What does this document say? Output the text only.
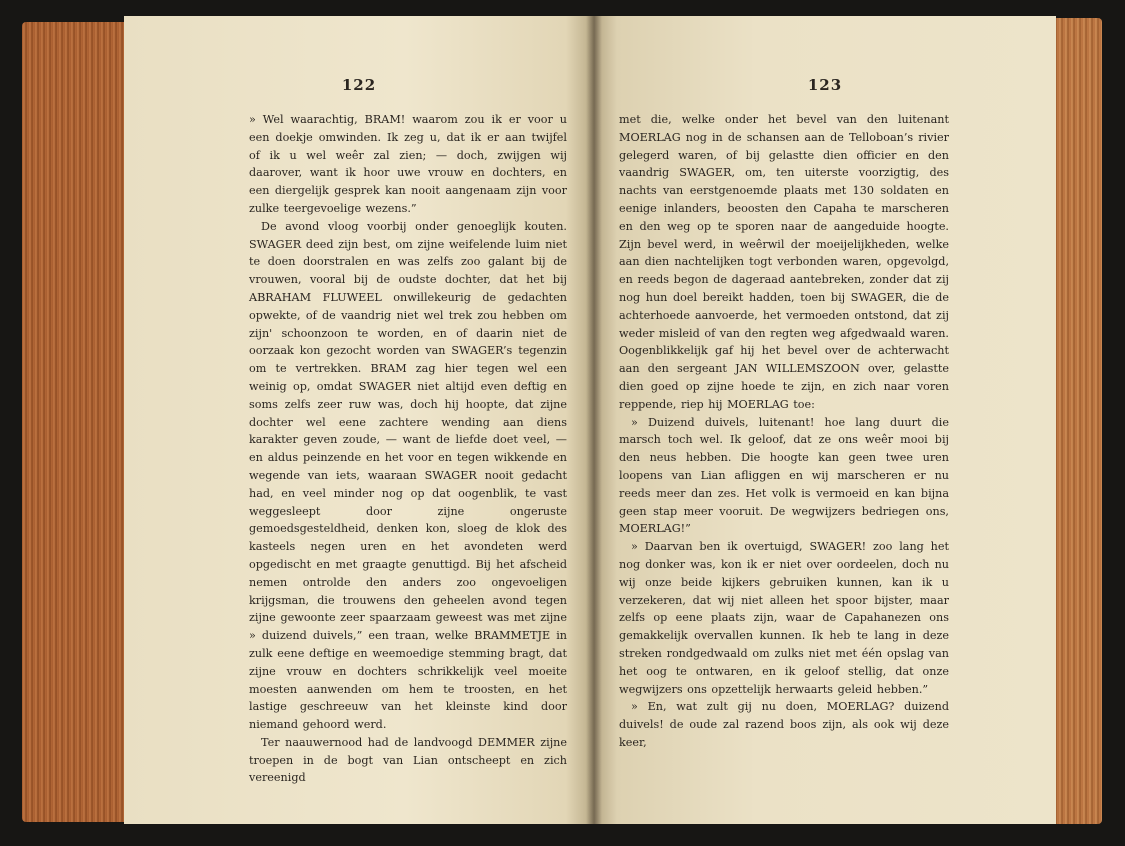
122

» Wel waarachtig, BRAM! waarom zou ik er voor u een doekje omwinden. Ik zeg u, dat ik er aan twijfel of ik u wel weêr zal zien; — doch, zwijgen wij daarover, want ik hoor uwe vrouw en dochters, en een diergelijk gesprek kan nooit aangenaam zijn voor zulke teergevoelige wezens.”

De avond vloog voorbij onder genoeglijk kouten. SWAGER deed zijn best, om zijne weifelende luim niet te doen doorstralen en was zelfs zoo galant bij de vrouwen, vooral bij de oudste dochter, dat het bij ABRAHAM FLUWEEL onwillekeurig de gedachten opwekte, of de vaandrig niet wel trek zou hebben om zijn' schoonzoon te worden, en of daarin niet de oorzaak kon gezocht worden van SWAGER’s tegenzin om te vertrekken. BRAM zag hier tegen wel een weinig op, omdat SWAGER niet altijd even deftig en soms zelfs zeer ruw was, doch hij hoopte, dat zijne dochter wel eene zachtere wending aan diens karakter geven zoude, — want de liefde doet veel, — en aldus peinzende en het voor en tegen wikkende en wegende van iets, waaraan SWAGER nooit gedacht had, en veel minder nog op dat oogenblik, te vast weggesleept door zijne ongeruste gemoedsgesteldheid, denken kon, sloeg de klok des kasteels negen uren en het avondeten werd opgedischt en met graagte genuttigd. Bij het afscheid nemen ontrolde den anders zoo ongevoeligen krijgsman, die trouwens den geheelen avond tegen zijne gewoonte zeer spaarzaam geweest was met zijne » duizend duivels,” een traan, welke BRAMMETJE in zulk eene deftige en weemoedige stemming bragt, dat zijne vrouw en dochters schrikkelijk veel moeite moesten aanwenden om hem te troosten, en het lastige geschreeuw van het kleinste kind door niemand gehoord werd.

Ter naauwernood had de landvoogd DEMMER zijne troepen in de bogt van Lian ontscheept en zich vereenigd

123

met die, welke onder het bevel van den luitenant MOERLAG nog in de schansen aan de Telloboan’s rivier gelegerd waren, of bij gelastte dien officier en den vaandrig SWAGER, om, ten uiterste voorzigtig, des nachts van eerstgenoemde plaats met 130 soldaten en eenige inlanders, beoosten den Capaha te marscheren en den weg op te sporen naar de aangeduide hoogte. Zijn bevel werd, in weêrwil der moeijelijkheden, welke aan dien nachtelijken togt verbonden waren, opgevolgd, en reeds begon de dageraad aantebreken, zonder dat zij nog hun doel bereikt hadden, toen bij SWAGER, die de achterhoede aanvoerde, het vermoeden ontstond, dat zij weder misleid of van den regten weg afgedwaald waren. Oogenblikkelijk gaf hij het bevel over de achterwacht aan den sergeant JAN WILLEMSZOON over, gelastte dien goed op zijne hoede te zijn, en zich naar voren reppende, riep hij MOERLAG toe:

» Duizend duivels, luitenant! hoe lang duurt die marsch toch wel. Ik geloof, dat ze ons weêr mooi bij den neus hebben. Die hoogte kan geen twee uren loopens van Lian afliggen en wij marscheren er nu reeds meer dan zes. Het volk is vermoeid en kan bijna geen stap meer vooruit. De wegwijzers bedriegen ons, MOERLAG!”

» Daarvan ben ik overtuigd, SWAGER! zoo lang het nog donker was, kon ik er niet over oordeelen, doch nu wij onze beide kijkers gebruiken kunnen, kan ik u verzekeren, dat wij niet alleen het spoor bijster, maar zelfs op eene plaats zijn, waar de Capahanezen ons gemakkelijk overvallen kunnen. Ik heb te lang in deze streken rondgedwaald om zulks niet met één opslag van het oog te ontwaren, en ik geloof stellig, dat onze wegwijzers ons opzettelijk herwaarts geleid hebben.”

» En, wat zult gij nu doen, MOERLAG? duizend duivels! de oude zal razend boos zijn, als ook wij deze keer,
